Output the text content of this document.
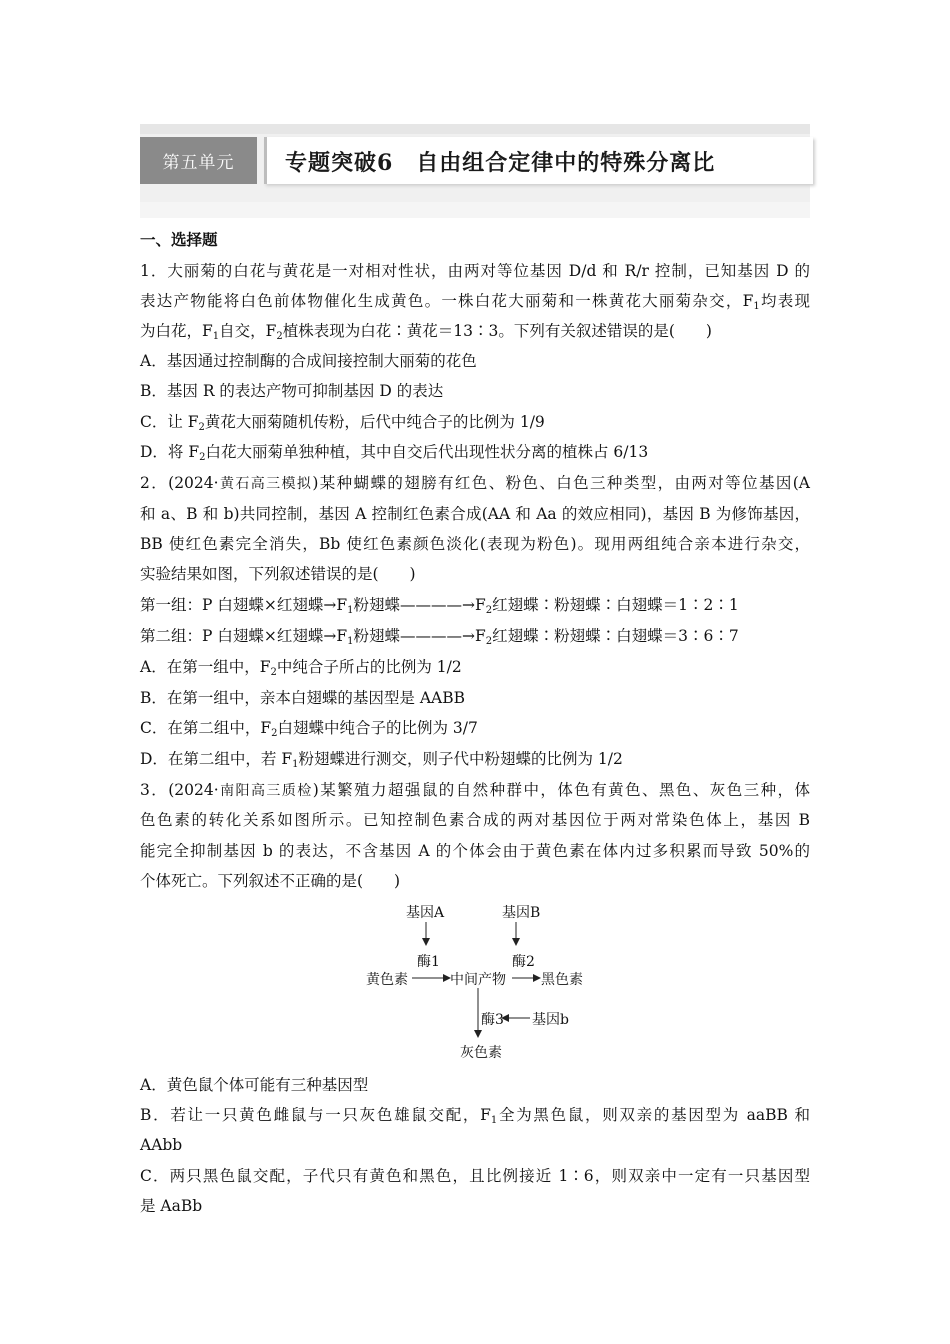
第五单元	专题突破6　自由组合定律中的特殊分离比
一、选择题
1．大丽菊的白花与黄花是一对相对性状，由两对等位基因 D/d 和 R/r 控制，已知基因 D 的
表达产物能将白色前体物催化生成黄色。一株白花大丽菊和一株黄花大丽菊杂交，$F_1$均表现
为白花，$F_1$自交，$F_2$植株表现为白花∶黄花＝13∶3。下列有关叙述错误的是(　　)
A．基因通过控制酶的合成间接控制大丽菊的花色
B．基因 R 的表达产物可抑制基因 D 的表达
C．让 $F_2$黄花大丽菊随机传粉，后代中纯合子的比例为 1/9
D．将 $F_2$白花大丽菊单独种植，其中自交后代出现性状分离的植株占 6/13
2．(2024·黄石高三模拟)某种蝴蝶的翅膀有红色、粉色、白色三种类型，由两对等位基因(A
和 a、B 和 b)共同控制，基因 A 控制红色素合成(AA 和 Aa 的效应相同)，基因 B 为修饰基因，
BB 使红色素完全消失，Bb 使红色素颜色淡化(表现为粉色)。现用两组纯合亲本进行杂交，
实验结果如图，下列叙述错误的是(　　)
第一组：P 白翅蝶×红翅蝶$\to F_1$粉翅蝶$————\to F_2$红翅蝶∶粉翅蝶∶白翅蝶＝1∶2∶1
第二组：P 白翅蝶×红翅蝶$\to F_1$粉翅蝶$————\to F_2$红翅蝶∶粉翅蝶∶白翅蝶＝3∶6∶7
A．在第一组中，$F_2$中纯合子所占的比例为 1/2
B．在第一组中，亲本白翅蝶的基因型是 AABB
C．在第二组中，$F_2$白翅蝶中纯合子的比例为 3/7
D．在第二组中，若 $F_1$粉翅蝶进行测交，则子代中粉翅蝶的比例为 1/2
3．(2024·南阳高三质检)某繁殖力超强鼠的自然种群中，体色有黄色、黑色、灰色三种，体
色色素的转化关系如图所示。已知控制色素合成的两对基因位于两对常染色体上，基因 B
能完全抑制基因 b 的表达，不含基因 A 的个体会由于黄色素在体内过多积累而导致 50%的
个体死亡。下列叙述不正确的是(　　)
基因A	基因B
酶1	酶2
黄色素	中间产物	黑色素
酶3 基因b
灰色素
A．黄色鼠个体可能有三种基因型
B．若让一只黄色雌鼠与一只灰色雄鼠交配，$F_1$全为黑色鼠，则双亲的基因型为 aaBB 和
AAbb
C．两只黑色鼠交配，子代只有黄色和黑色，且比例接近 1∶6，则双亲中一定有一只基因型
是 AaBb
